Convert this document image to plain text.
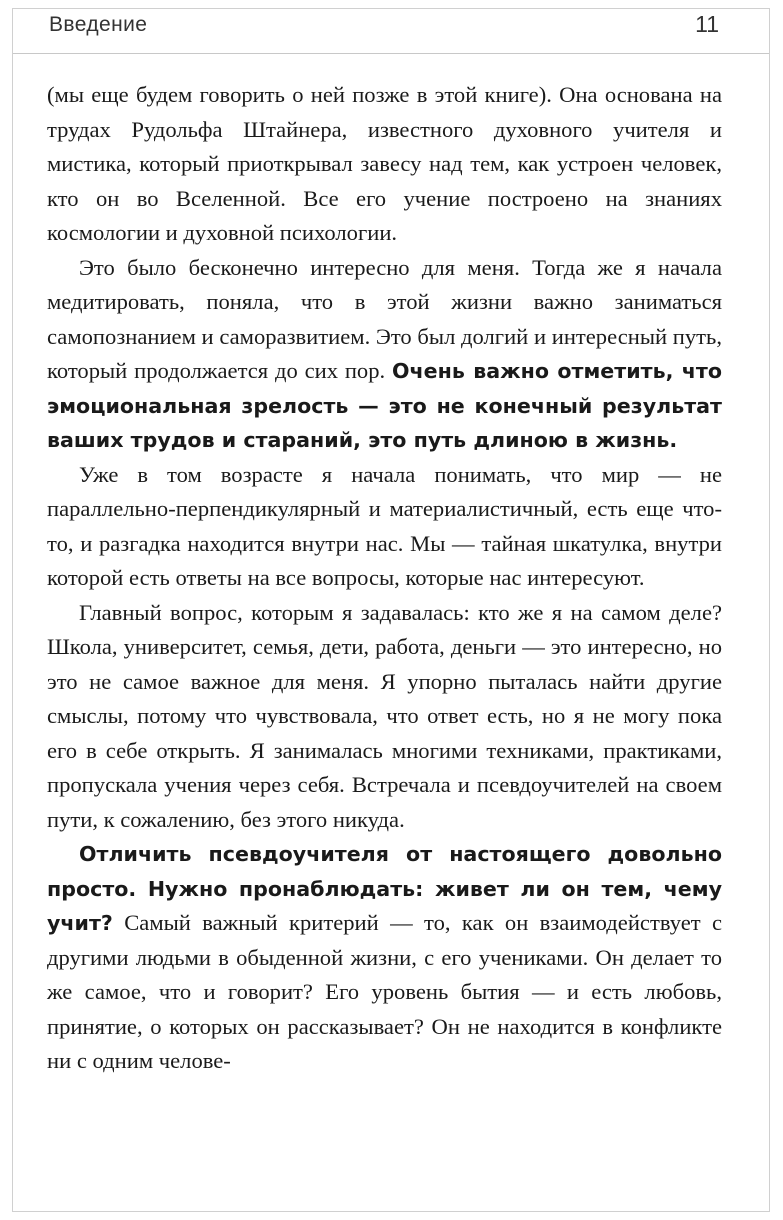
Введение	11

(мы еще будем говорить о ней позже в этой книге). Она основана на трудах Рудольфа Штайнера, известного духовного учителя и мистика, который приоткрывал завесу над тем, как устроен человек, кто он во Вселенной. Все его учение построено на знаниях космологии и духовной психологии.

Это было бесконечно интересно для меня. Тогда же я начала медитировать, поняла, что в этой жизни важно заниматься самопознанием и саморазвитием. Это был долгий и интересный путь, который продолжается до сих пор. Очень важно отметить, что эмоциональная зрелость — это не конечный результат ваших трудов и стараний, это путь длиною в жизнь.

Уже в том возрасте я начала понимать, что мир — не параллельно-перпендикулярный и материалистичный, есть еще что-то, и разгадка находится внутри нас. Мы — тайная шкатулка, внутри которой есть ответы на все вопросы, которые нас интересуют.

Главный вопрос, которым я задавалась: кто же я на самом деле? Школа, университет, семья, дети, работа, деньги — это интересно, но это не самое важное для меня. Я упорно пыталась найти другие смыслы, потому что чувствовала, что ответ есть, но я не могу пока его в себе открыть. Я занималась многими техниками, практиками, пропускала учения через себя. Встречала и псевдоучителей на своем пути, к сожалению, без этого никуда.

Отличить псевдоучителя от настоящего довольно просто. Нужно пронаблюдать: живет ли он тем, чему учит? Самый важный критерий — то, как он взаимодействует с другими людьми в обыденной жизни, с его учениками. Он делает то же самое, что и говорит? Его уровень бытия — и есть любовь, принятие, о которых он рассказывает? Он не находится в конфликте ни с одним челове-
